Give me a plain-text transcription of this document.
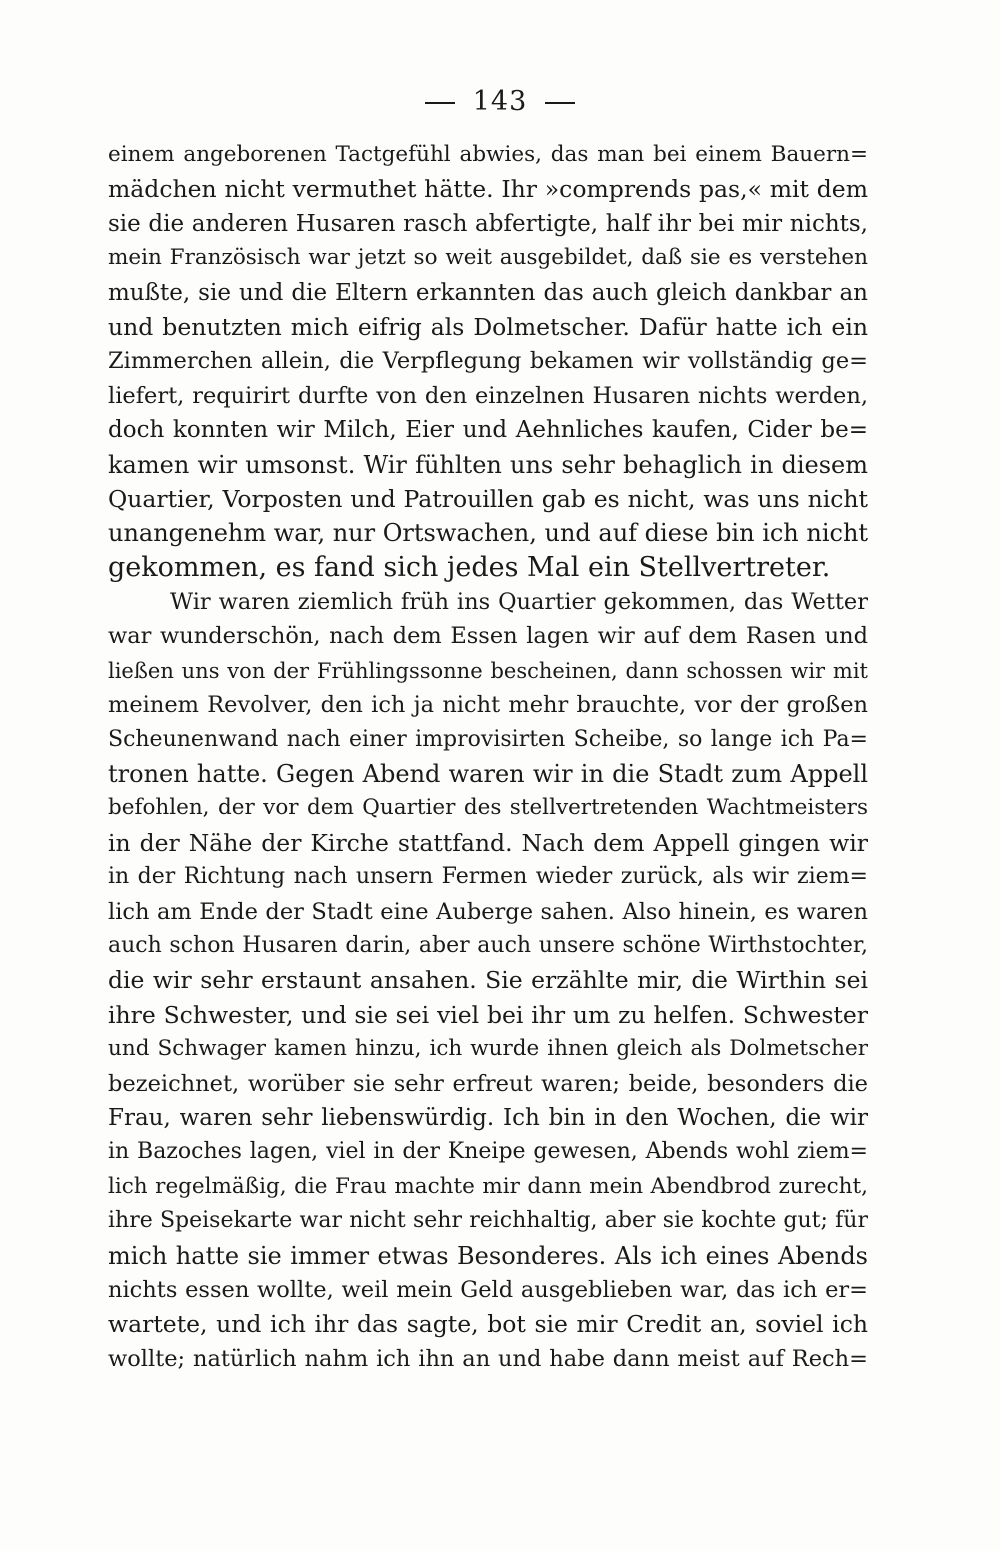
143
einem angeborenen Tactgefühl abwies, das man bei einem Bauern=
mädchen nicht vermuthet hätte. Ihr »comprends pas,« mit dem
sie die anderen Husaren rasch abfertigte, half ihr bei mir nichts,
mein Französisch war jetzt so weit ausgebildet, daß sie es verstehen
mußte, sie und die Eltern erkannten das auch gleich dankbar an
und benutzten mich eifrig als Dolmetscher. Dafür hatte ich ein
Zimmerchen allein, die Verpflegung bekamen wir vollständig ge=
liefert, requirirt durfte von den einzelnen Husaren nichts werden,
doch konnten wir Milch, Eier und Aehnliches kaufen, Cider be=
kamen wir umsonst. Wir fühlten uns sehr behaglich in diesem
Quartier, Vorposten und Patrouillen gab es nicht, was uns nicht
unangenehm war, nur Ortswachen, und auf diese bin ich nicht
gekommen, es fand sich jedes Mal ein Stellvertreter.
Wir waren ziemlich früh ins Quartier gekommen, das Wetter
war wunderschön, nach dem Essen lagen wir auf dem Rasen und
ließen uns von der Frühlingssonne bescheinen, dann schossen wir mit
meinem Revolver, den ich ja nicht mehr brauchte, vor der großen
Scheunenwand nach einer improvisirten Scheibe, so lange ich Pa=
tronen hatte. Gegen Abend waren wir in die Stadt zum Appell
befohlen, der vor dem Quartier des stellvertretenden Wachtmeisters
in der Nähe der Kirche stattfand. Nach dem Appell gingen wir
in der Richtung nach unsern Fermen wieder zurück, als wir ziem=
lich am Ende der Stadt eine Auberge sahen. Also hinein, es waren
auch schon Husaren darin, aber auch unsere schöne Wirthstochter,
die wir sehr erstaunt ansahen. Sie erzählte mir, die Wirthin sei
ihre Schwester, und sie sei viel bei ihr um zu helfen. Schwester
und Schwager kamen hinzu, ich wurde ihnen gleich als Dolmetscher
bezeichnet, worüber sie sehr erfreut waren; beide, besonders die
Frau, waren sehr liebenswürdig. Ich bin in den Wochen, die wir
in Bazoches lagen, viel in der Kneipe gewesen, Abends wohl ziem=
lich regelmäßig, die Frau machte mir dann mein Abendbrod zurecht,
ihre Speisekarte war nicht sehr reichhaltig, aber sie kochte gut; für
mich hatte sie immer etwas Besonderes. Als ich eines Abends
nichts essen wollte, weil mein Geld ausgeblieben war, das ich er=
wartete, und ich ihr das sagte, bot sie mir Credit an, soviel ich
wollte; natürlich nahm ich ihn an und habe dann meist auf Rech=
